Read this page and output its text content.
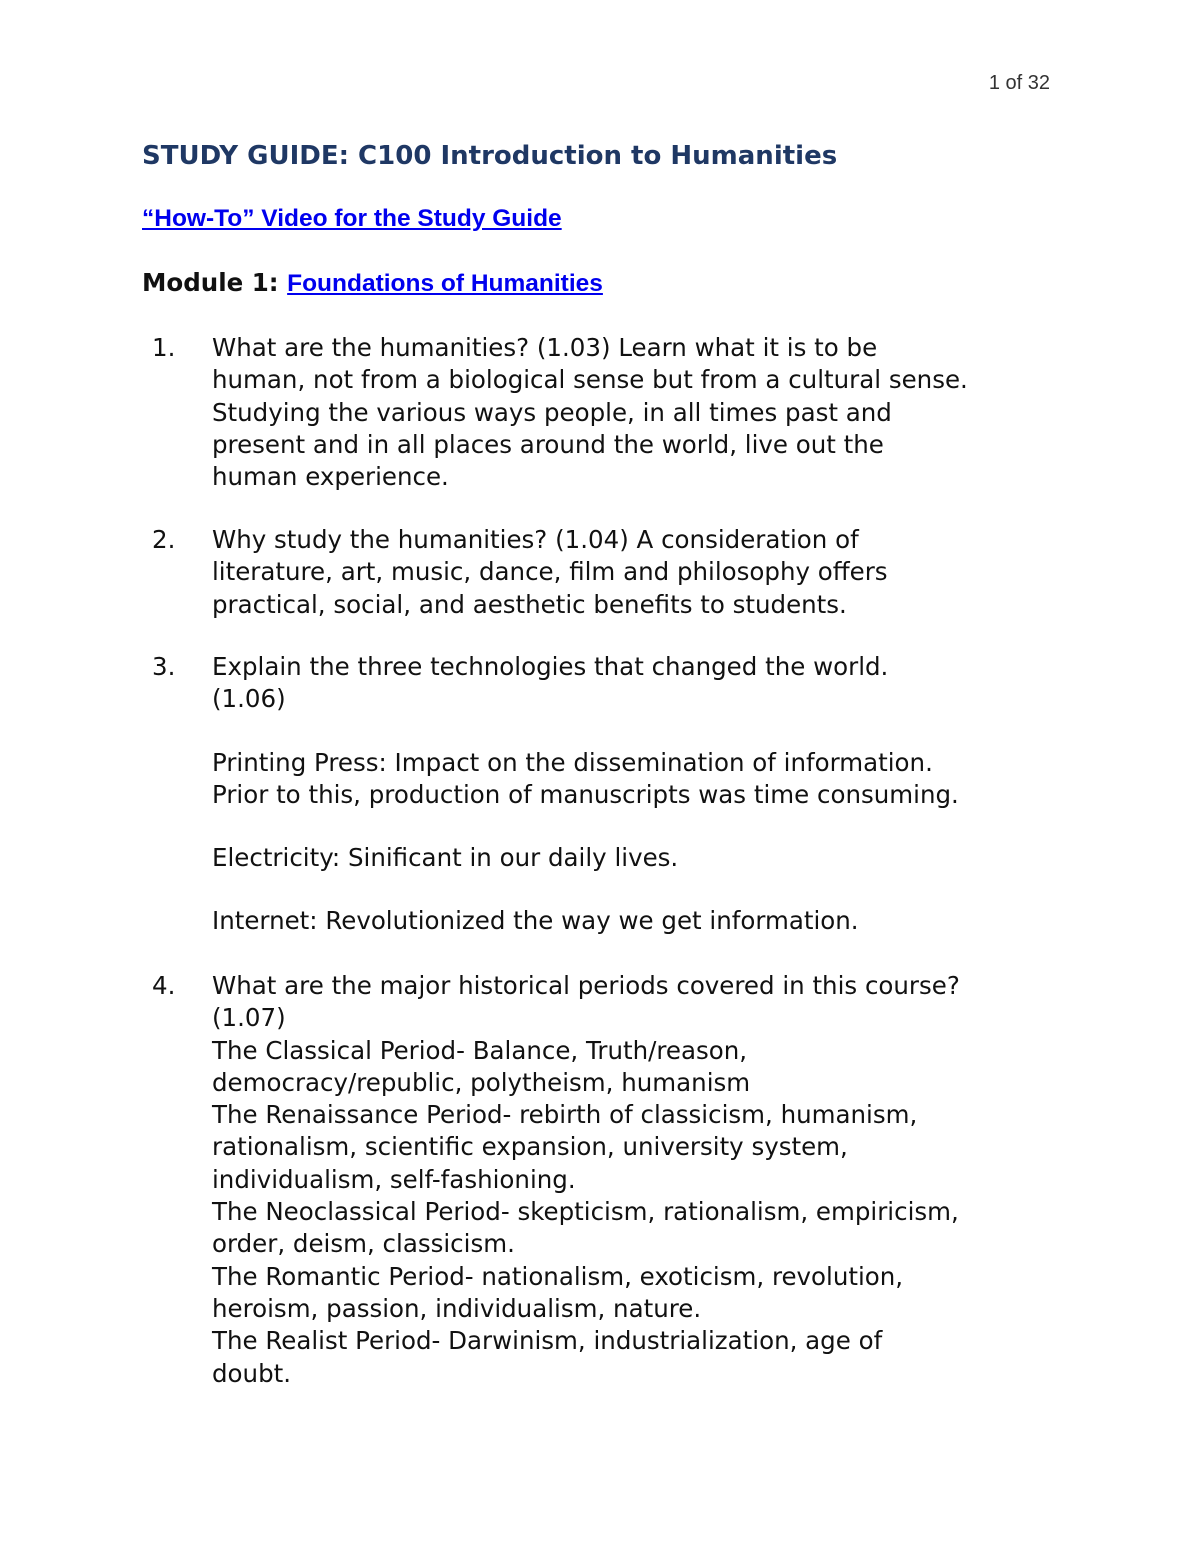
1 of 32
STUDY GUIDE: C100 Introduction to Humanities
“How-To” Video for the Study Guide
Module 1: Foundations of Humanities
1. What are the humanities? (1.03) Learn what it is to be
human, not from a biological sense but from a cultural sense.
Studying the various ways people, in all times past and
present and in all places around the world, live out the
human experience.
2. Why study the humanities? (1.04) A consideration of
literature, art, music, dance, film and philosophy offers
practical, social, and aesthetic benefits to students.
3. Explain the three technologies that changed the world.
(1.06)
Printing Press: Impact on the dissemination of information.
Prior to this, production of manuscripts was time consuming.
Electricity: Sinificant in our daily lives.
Internet: Revolutionized the way we get information.
4. What are the major historical periods covered in this course?
(1.07)
The Classical Period- Balance, Truth/reason,
democracy/republic, polytheism, humanism
The Renaissance Period- rebirth of classicism, humanism,
rationalism, scientific expansion, university system,
individualism, self-fashioning.
The Neoclassical Period- skepticism, rationalism, empiricism,
order, deism, classicism.
The Romantic Period- nationalism, exoticism, revolution,
heroism, passion, individualism, nature.
The Realist Period- Darwinism, industrialization, age of
doubt.
